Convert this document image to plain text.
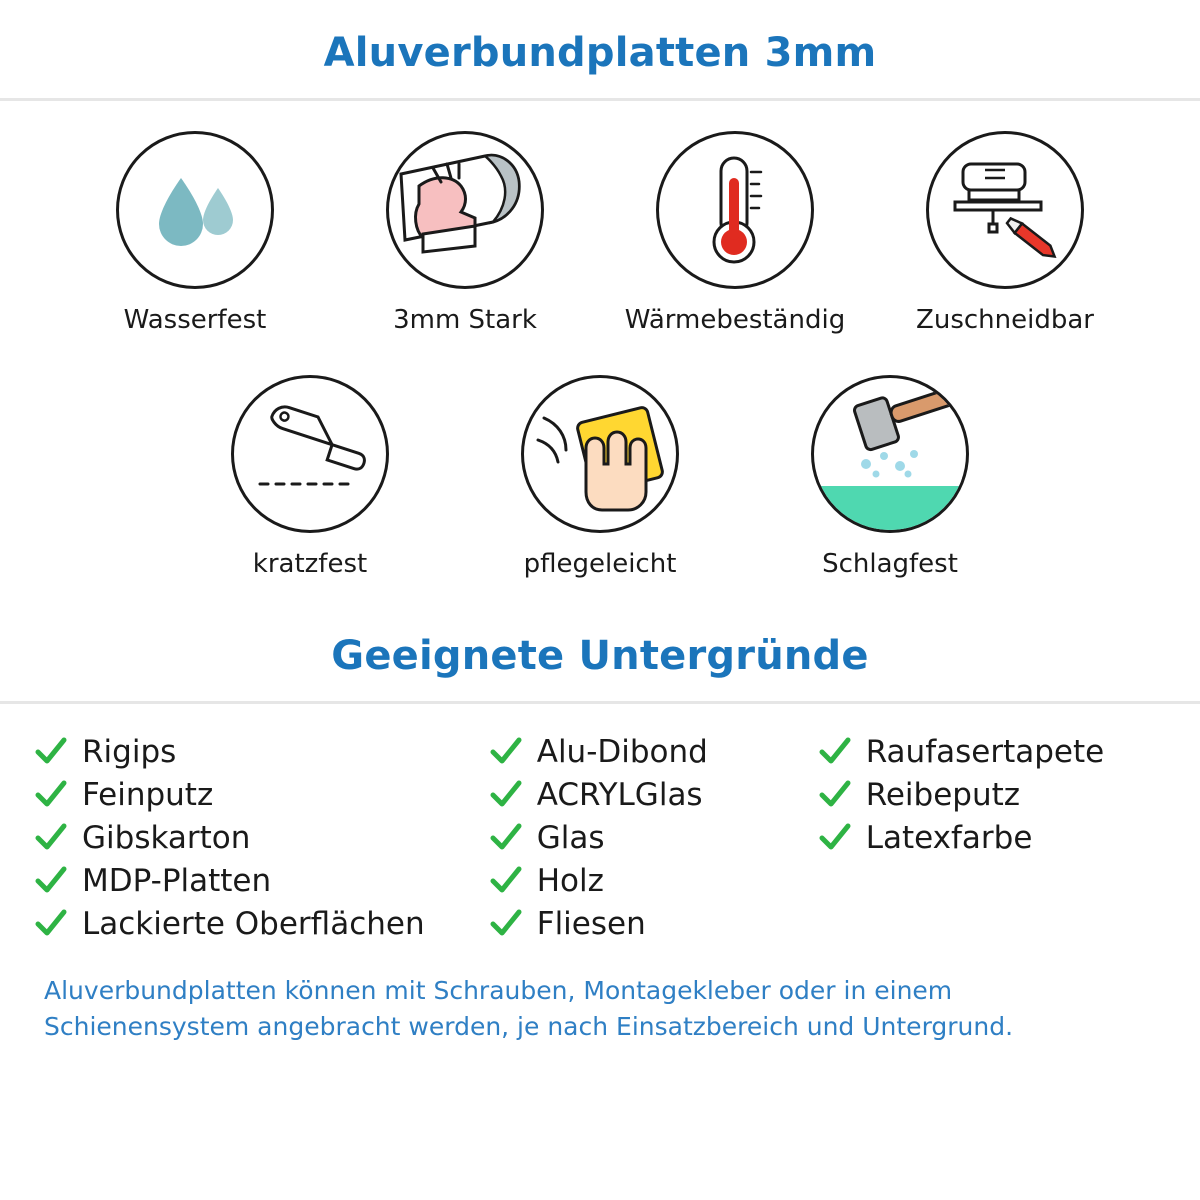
Aluverbundplatten 3mm
Wasserfest	3mm Stark	Wärmebeständig	Zuschneidbar
kratzfest	pflegeleicht	Schlagfest
Geeignete Untergründe
Rigips
Feinputz
Gibskarton
MDP-Platten
Lackierte Oberflächen
Alu-Dibond
ACRYLGlas
Glas
Holz
Fliesen
Raufasertapete
Reibeputz
Latexfarbe
Aluverbundplatten können mit Schrauben, Montagekleber oder in einem Schienensystem angebracht werden, je nach Einsatzbereich und Untergrund.
